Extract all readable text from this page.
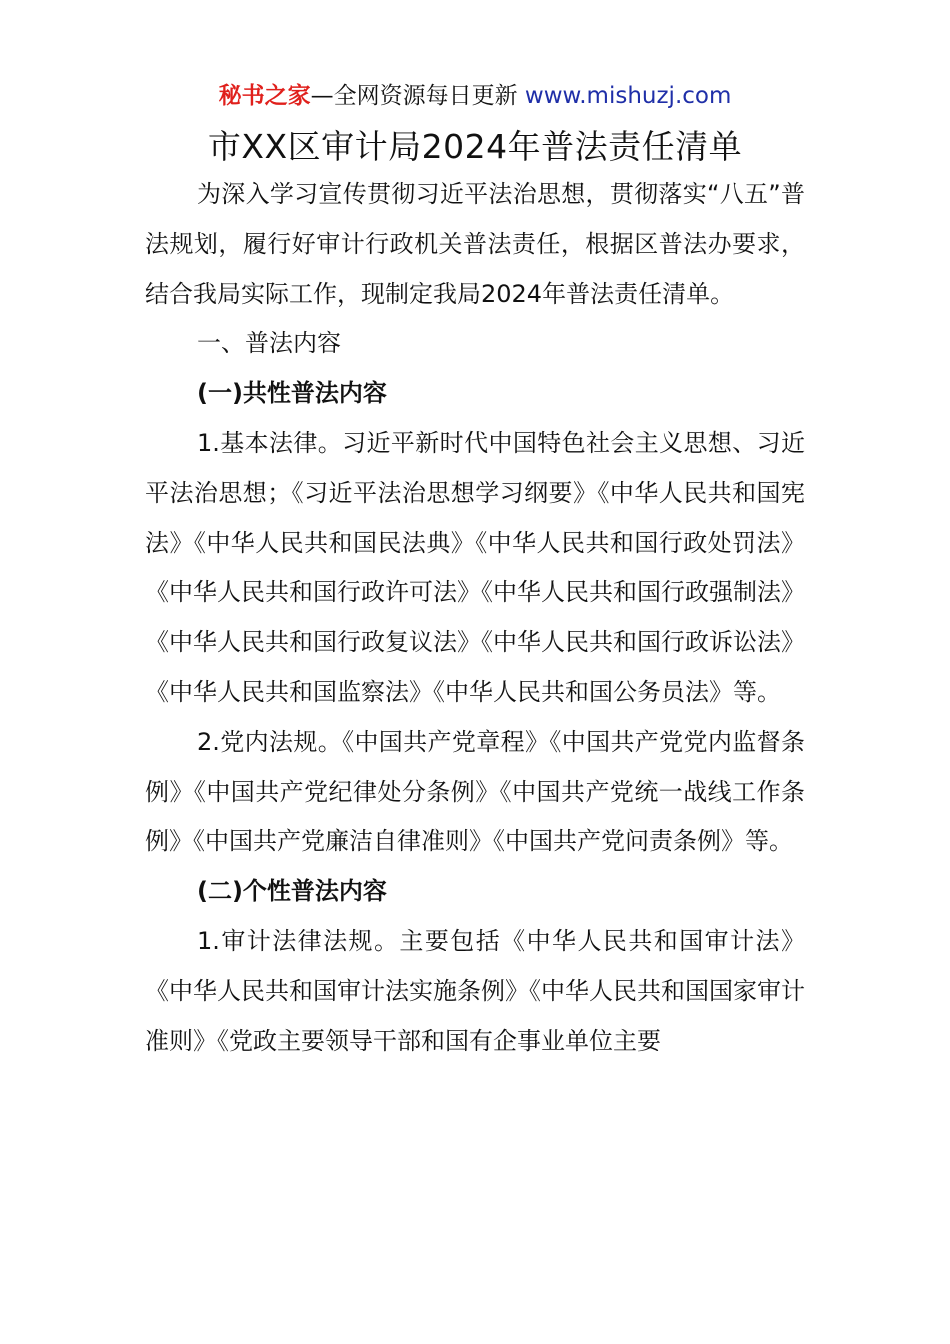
秘书之家—全网资源每日更新 www.mishuzj.com
市XX区审计局2024年普法责任清单

为深入学习宣传贯彻习近平法治思想，贯彻落实“八五”普法规划，履行好审计行政机关普法责任，根据区普法办要求，结合我局实际工作，现制定我局2024年普法责任清单。

一、普法内容

(一)共性普法内容

1.基本法律。习近平新时代中国特色社会主义思想、习近平法治思想；《习近平法治思想学习纲要》《中华人民共和国宪法》《中华人民共和国民法典》《中华人民共和国行政处罚法》《中华人民共和国行政许可法》《中华人民共和国行政强制法》《中华人民共和国行政复议法》《中华人民共和国行政诉讼法》《中华人民共和国监察法》《中华人民共和国公务员法》等。

2.党内法规。《中国共产党章程》《中国共产党党内监督条例》《中国共产党纪律处分条例》《中国共产党统一战线工作条例》《中国共产党廉洁自律准则》《中国共产党问责条例》等。

(二)个性普法内容

1.审计法律法规。主要包括《中华人民共和国审计法》《中华人民共和国审计法实施条例》《中华人民共和国国家审计准则》《党政主要领导干部和国有企事业单位主要
